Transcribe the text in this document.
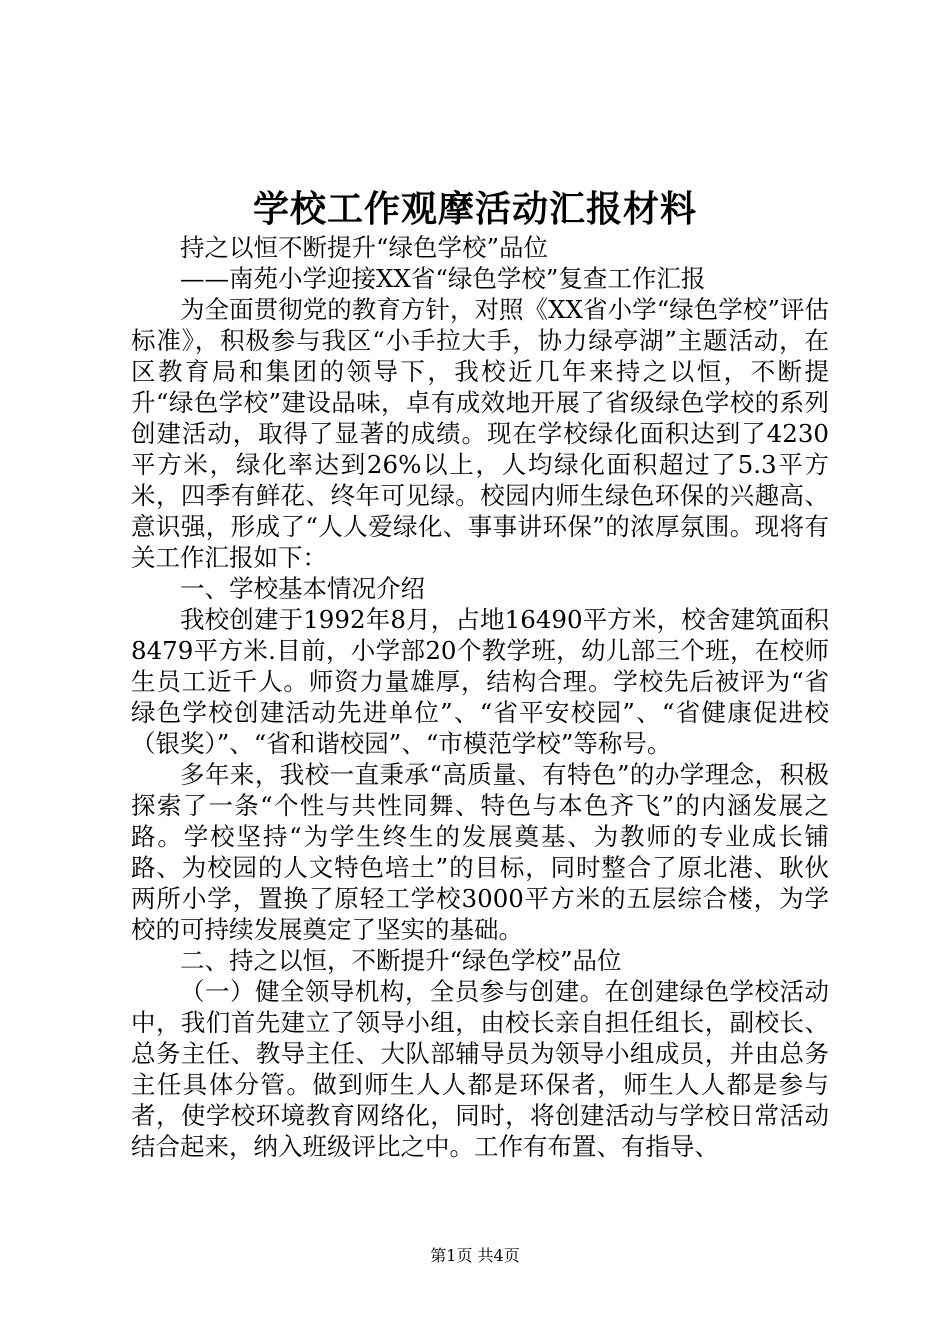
学校工作观摩活动汇报材料

持之以恒不断提升“绿色学校”品位

——南苑小学迎接XX省“绿色学校”复查工作汇报

为全面贯彻党的教育方针，对照《XX省小学“绿色学校”评估标准》，积极参与我区“小手拉大手，协力绿亭湖”主题活动，在区教育局和集团的领导下，我校近几年来持之以恒，不断提升“绿色学校”建设品味，卓有成效地开展了省级绿色学校的系列创建活动，取得了显著的成绩。现在学校绿化面积达到了4230平方米，绿化率达到26%以上，人均绿化面积超过了5.3平方米，四季有鲜花、终年可见绿。校园内师生绿色环保的兴趣高、意识强，形成了“人人爱绿化、事事讲环保”的浓厚氛围。现将有关工作汇报如下：

一、学校基本情况介绍

我校创建于1992年8月，占地16490平方米，校舍建筑面积8479平方米.目前，小学部20个教学班，幼儿部三个班，在校师生员工近千人。师资力量雄厚，结构合理。学校先后被评为“省绿色学校创建活动先进单位”、“省平安校园”、“省健康促进校（银奖）”、“省和谐校园”、“市模范学校”等称号。

多年来，我校一直秉承“高质量、有特色”的办学理念，积极探索了一条“个性与共性同舞、特色与本色齐飞”的内涵发展之路。学校坚持“为学生终生的发展奠基、为教师的专业成长铺路、为校园的人文特色培土”的目标，同时整合了原北港、耿伙两所小学，置换了原轻工学校3000平方米的五层综合楼，为学校的可持续发展奠定了坚实的基础。

二、持之以恒，不断提升“绿色学校”品位

（一）健全领导机构，全员参与创建。在创建绿色学校活动中，我们首先建立了领导小组，由校长亲自担任组长，副校长、总务主任、教导主任、大队部辅导员为领导小组成员，并由总务主任具体分管。做到师生人人都是环保者，师生人人都是参与者，使学校环境教育网络化，同时，将创建活动与学校日常活动结合起来，纳入班级评比之中。工作有布置、有指导、

第1页 共4页
